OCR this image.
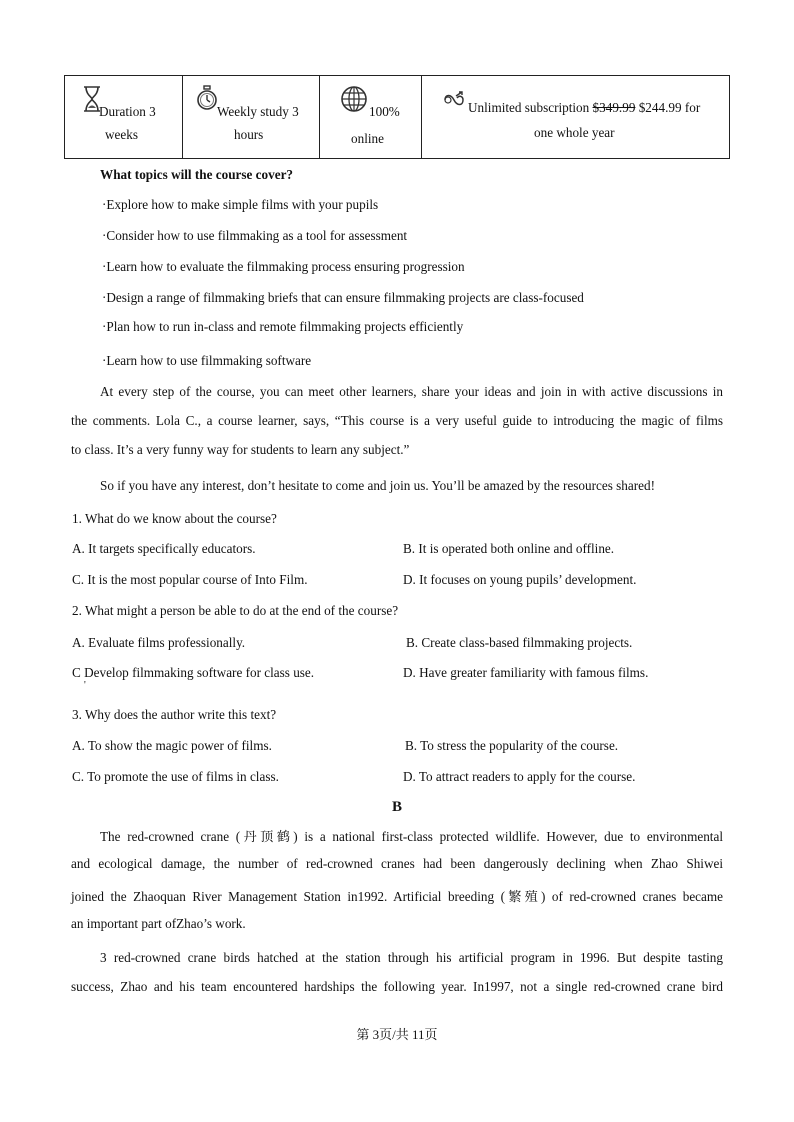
Duration 3
weeks

Weekly study 3
hours

100%
online

Unlimited subscription $349.99 $244.99 for
one whole year
What topics will the course cover?
·Explore how to make simple films with your pupils
·Consider how to use filmmaking as a tool for assessment
·Learn how to evaluate the filmmaking process ensuring progression
·Design a range of filmmaking briefs that can ensure filmmaking projects are class-focused
·Plan how to run in-class and remote filmmaking projects efficiently
·Learn how to use filmmaking software
At every step of the course, you can meet other learners, share your ideas and join in with active discussions in
the comments. Lola C., a course learner, says, “This course is a very useful guide to introducing the magic of films
to class. It’s a very funny way for students to learn any subject.”
So if you have any interest, don’t hesitate to come and join us. You’ll be amazed by the resources shared!
1. What do we know about the course?
A. It targets specifically educators.	B. It is operated both online and offline.
C. It is the most popular course of Into Film.	D. It focuses on young pupils’ development.
2. What might a person be able to do at the end of the course?
A. Evaluate films professionally.	B. Create class-based filmmaking projects.
C Develop filmmaking software for class use.	D. Have greater familiarity with famous films.
'
3. Why does the author write this text?
A. To show the magic power of films.	B. To stress the popularity of the course.
C. To promote the use of films in class.	D. To attract readers to apply for the course.
B
The red-crowned crane (丹顶鹤) is a national first-class protected wildlife. However, due to environmental
and ecological damage, the number of red-crowned cranes had been dangerously declining when Zhao Shiwei
joined the Zhaoquan River Management Station in1992. Artificial breeding (繁殖) of red-crowned cranes became
an important part ofZhao’s work.
3 red-crowned crane birds hatched at the station through his artificial program in 1996. But despite tasting
success, Zhao and his team encountered hardships the following year. In1997, not a single red-crowned crane bird
第 3页/共 11页
